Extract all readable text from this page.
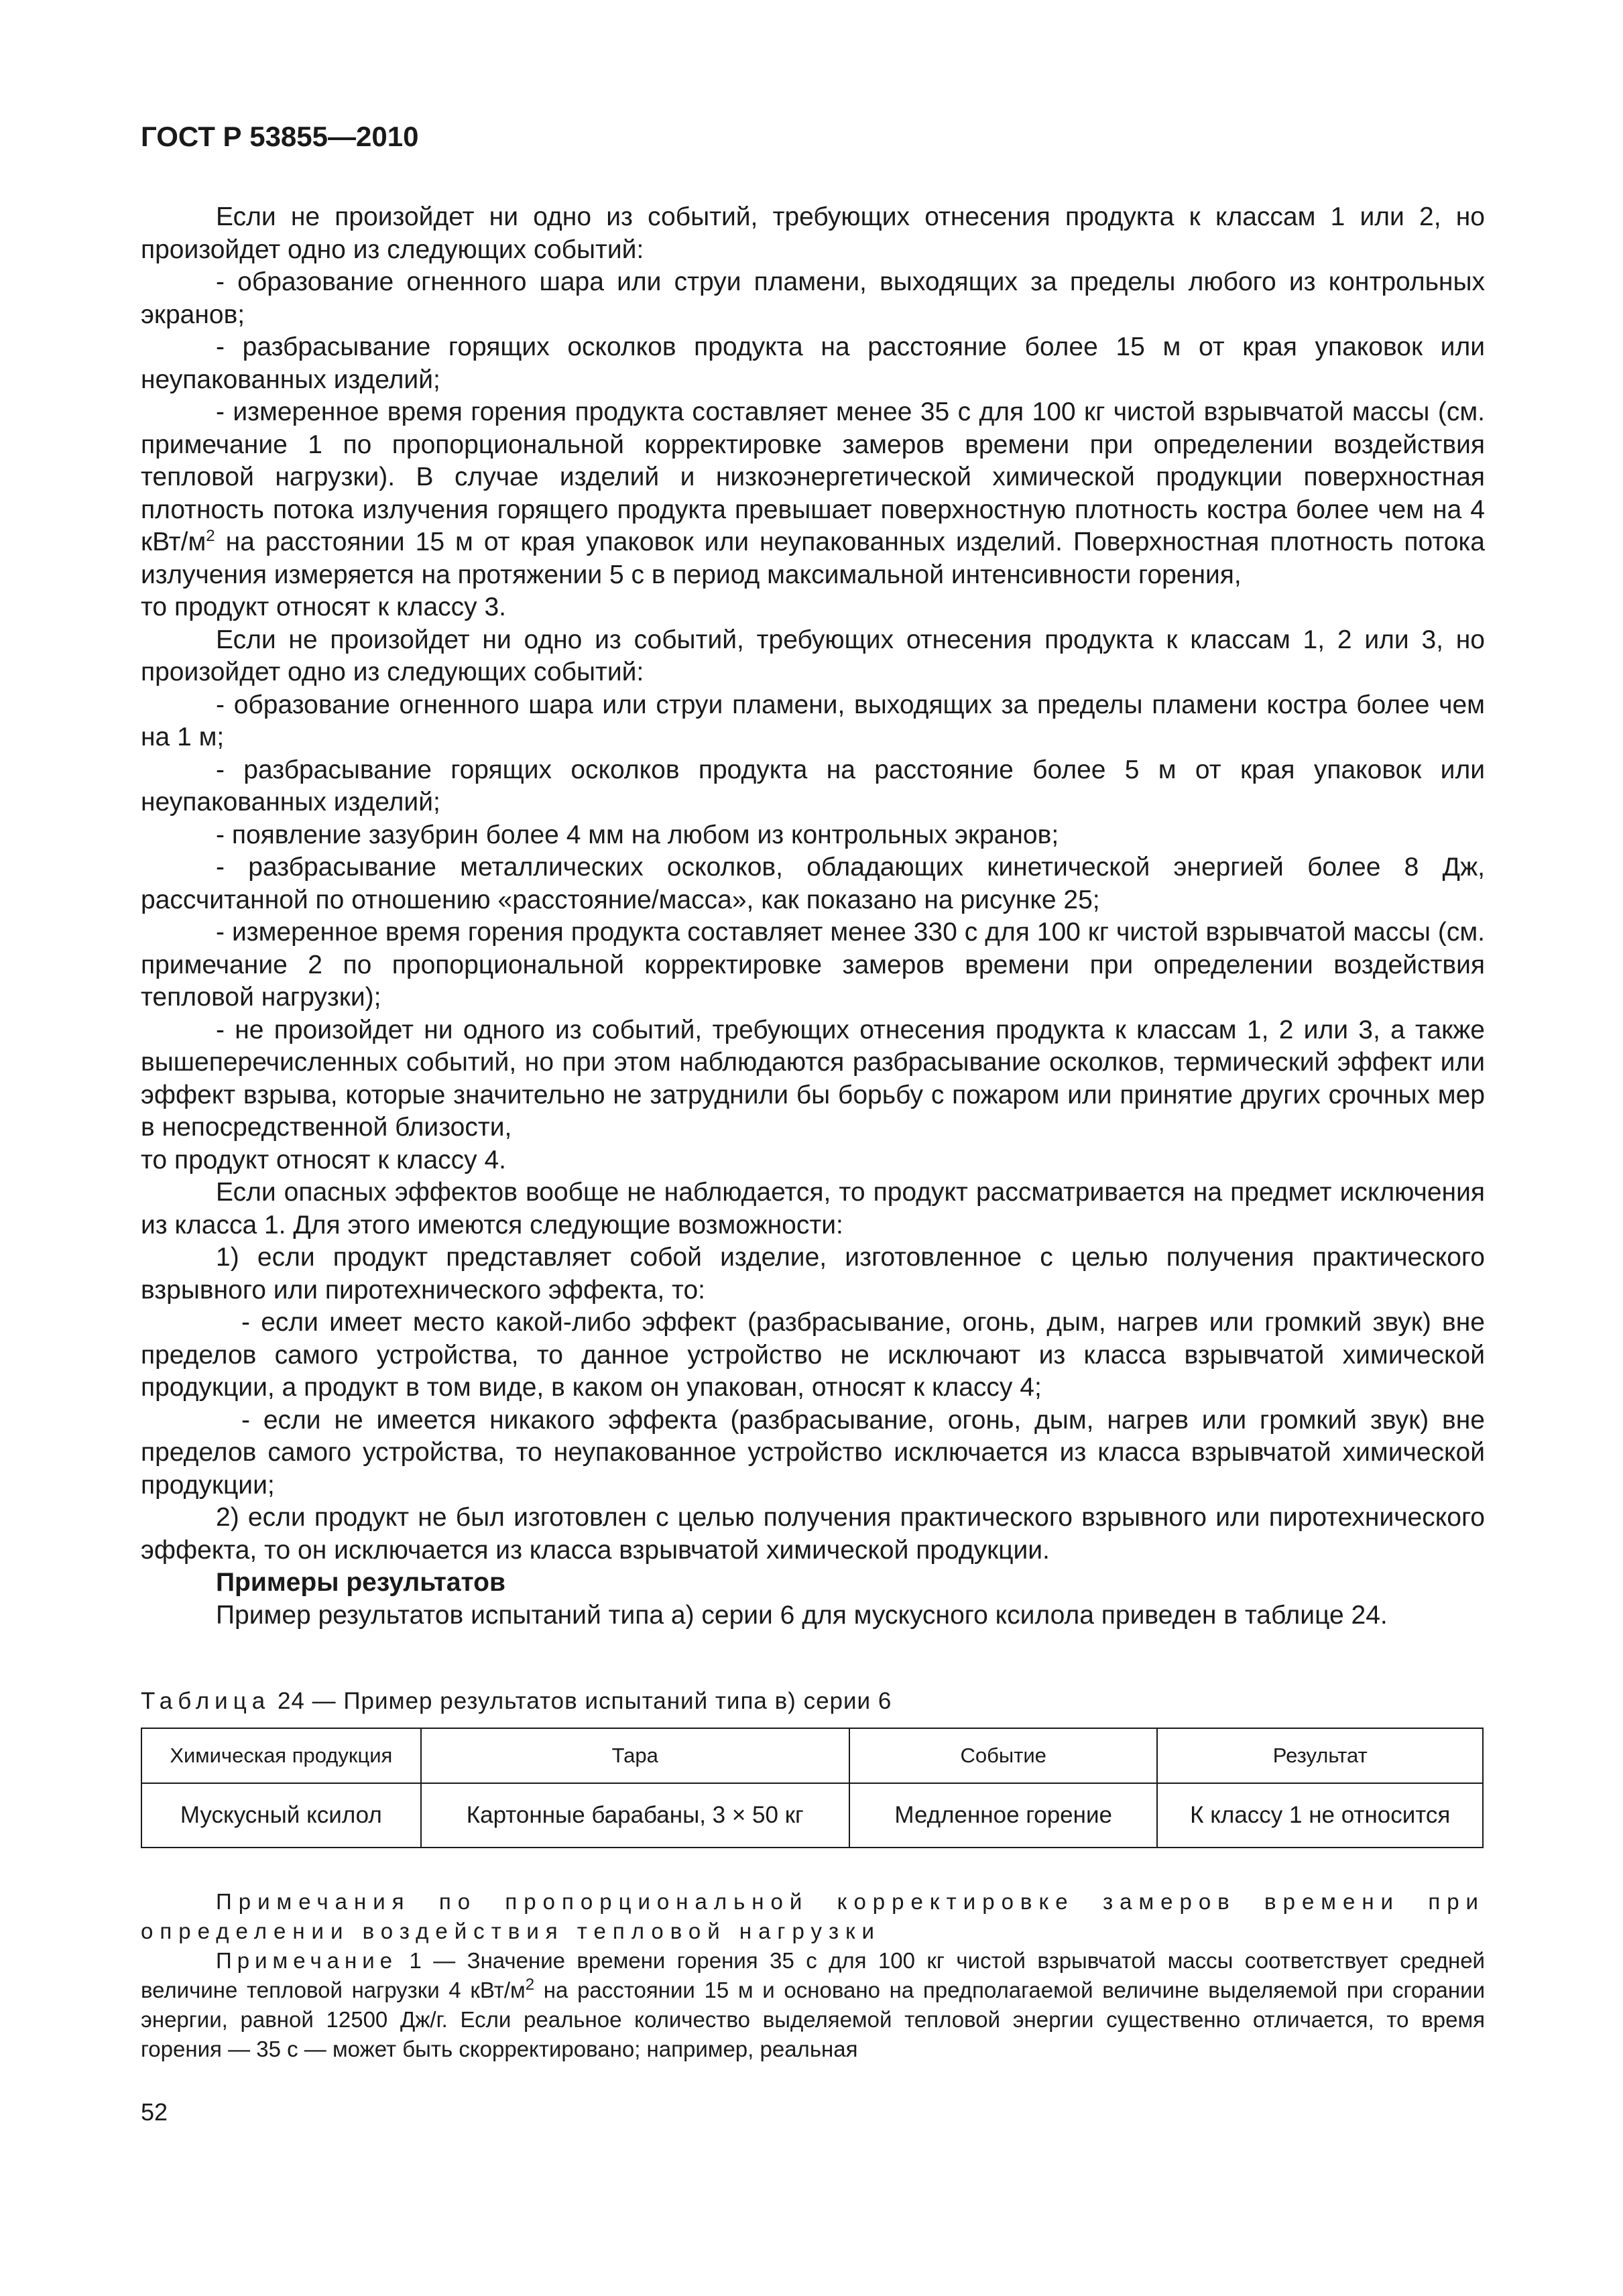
ГОСТ Р 53855—2010

Если не произойдет ни одно из событий, требующих отнесения продукта к классам 1 или 2, но произойдет одно из следующих событий:

- образование огненного шара или струи пламени, выходящих за пределы любого из контрольных экранов;

- разбрасывание горящих осколков продукта на расстояние более 15 м от края упаковок или неупакованных изделий;

- измеренное время горения продукта составляет менее 35 с для 100 кг чистой взрывчатой массы (см. примечание 1 по пропорциональной корректировке замеров времени при определении воздействия тепловой нагрузки). В случае изделий и низкоэнергетической химической продукции поверхностная плотность потока излучения горящего продукта превышает поверхностную плотность костра более чем на 4 кВт/$м^2$ на расстоянии 15 м от края упаковок или неупакованных изделий. Поверхностная плотность потока излучения измеряется на протяжении 5 с в период максимальной интенсивности горения,

то продукт относят к классу 3.

Если не произойдет ни одно из событий, требующих отнесения продукта к классам 1, 2 или 3, но произойдет одно из следующих событий:

- образование огненного шара или струи пламени, выходящих за пределы пламени костра более чем на 1 м;

- разбрасывание горящих осколков продукта на расстояние более 5 м от края упаковок или неупакованных изделий;

- появление зазубрин более 4 мм на любом из контрольных экранов;

- разбрасывание металлических осколков, обладающих кинетической энергией более 8 Дж, рассчитанной по отношению «расстояние/масса», как показано на рисунке 25;

- измеренное время горения продукта составляет менее 330 с для 100 кг чистой взрывчатой массы (см. примечание 2 по пропорциональной корректировке замеров времени при определении воздействия тепловой нагрузки);

- не произойдет ни одного из событий, требующих отнесения продукта к классам 1, 2 или 3, а также вышеперечисленных событий, но при этом наблюдаются разбрасывание осколков, термический эффект или эффект взрыва, которые значительно не затруднили бы борьбу с пожаром или принятие других срочных мер в непосредственной близости,

то продукт относят к классу 4.

Если опасных эффектов вообще не наблюдается, то продукт рассматривается на предмет исключения из класса 1. Для этого имеются следующие возможности:

1) если продукт представляет собой изделие, изготовленное с целью получения практического взрывного или пиротехнического эффекта, то:

- если имеет место какой-либо эффект (разбрасывание, огонь, дым, нагрев или громкий звук) вне пределов самого устройства, то данное устройство не исключают из класса взрывчатой химической продукции, а продукт в том виде, в каком он упакован, относят к классу 4;

- если не имеется никакого эффекта (разбрасывание, огонь, дым, нагрев или громкий звук) вне пределов самого устройства, то неупакованное устройство исключается из класса взрывчатой химической продукции;

2) если продукт не был изготовлен с целью получения практического взрывного или пиротехнического эффекта, то он исключается из класса взрывчатой химической продукции.

Примеры результатов

Пример результатов испытаний типа а) серии 6 для мускусного ксилола приведен в таблице 24.

Таблица 24 — Пример результатов испытаний типа в) серии 6
Химическая продукция	Тара	Событие	Результат
Мускусный ксилол	Картонные барабаны, 3 × 50 кг	Медленное горение	К классу 1 не относится

Примечания по пропорциональной корректировке замеров времени при определении воздействия тепловой нагрузки

Примечание 1 — Значение времени горения 35 с для 100 кг чистой взрывчатой массы соответствует средней величине тепловой нагрузки 4 кВт/$м^2$ на расстоянии 15 м и основано на предполагаемой величине выделяемой при сгорании энергии, равной 12500 Дж/г. Если реальное количество выделяемой тепловой энергии существенно отличается, то время горения — 35 с — может быть скорректировано; например, реальная

52
